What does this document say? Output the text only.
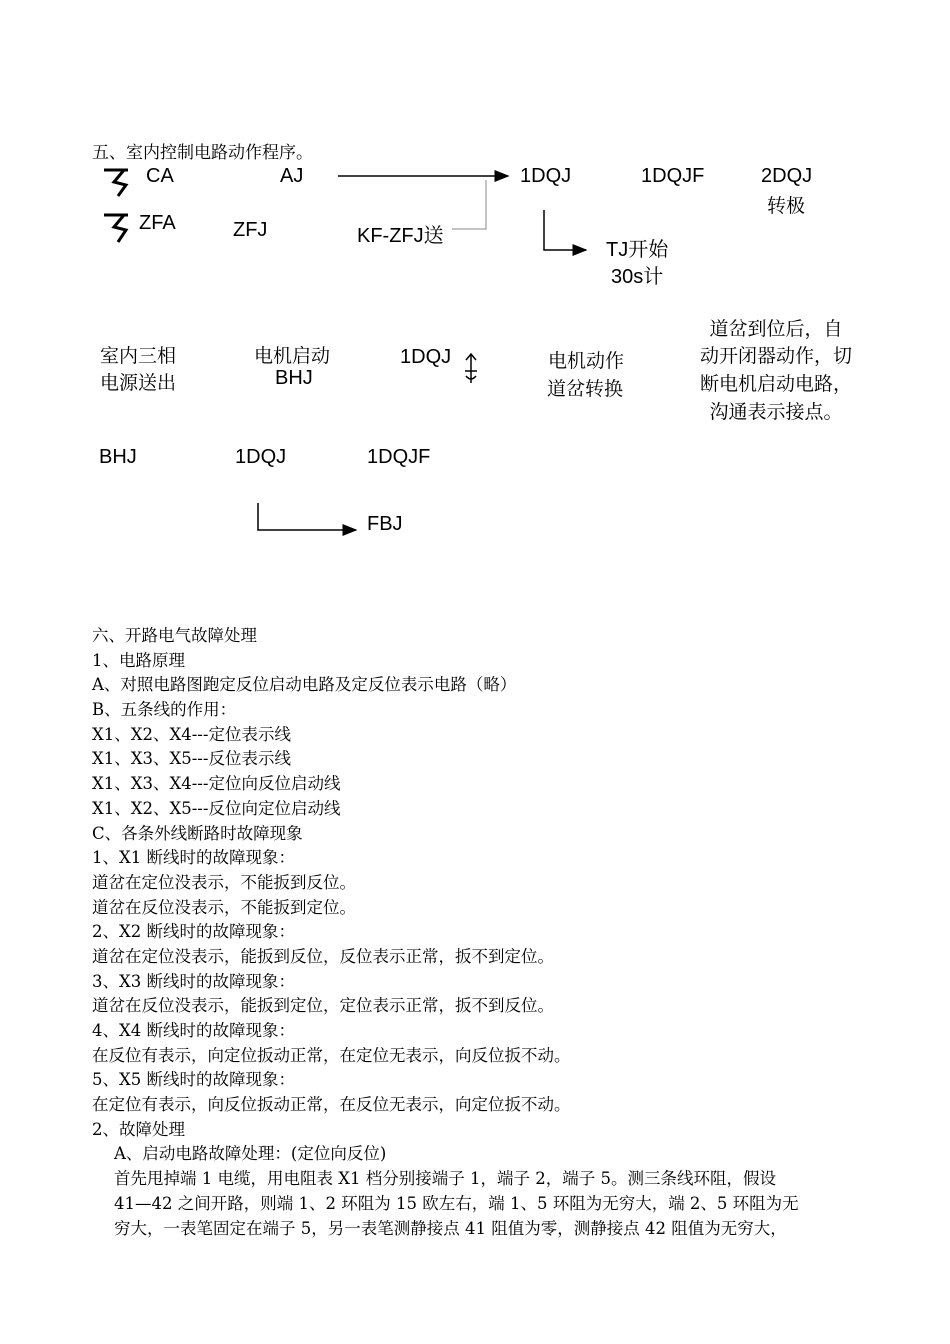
五、室内控制电路动作程序。
CA	AJ	1DQJ	1DQJF	2DQJ
转极
ZFA	ZFJ	KF-ZFJ送
TJ开始
30s计
室内三相
电源送出
电机启动
BHJ
1DQJ	电机动作
道岔转换
道岔到位后，自
动开闭器动作，切
断电机启动电路，
沟通表示接点。
BHJ	1DQJ	1DQJF
FBJ
六、开路电气故障处理
1、电路原理
A、对照电路图跑定反位启动电路及定反位表示电路（略）
B、五条线的作用：
X1、X2、X4---定位表示线
X1、X3、X5---反位表示线
X1、X3、X4---定位向反位启动线
X1、X2、X5---反位向定位启动线
C、各条外线断路时故障现象
1、X1 断线时的故障现象：
道岔在定位没表示，不能扳到反位。
道岔在反位没表示，不能扳到定位。
2、X2 断线时的故障现象：
道岔在定位没表示，能扳到反位，反位表示正常，扳不到定位。
3、X3 断线时的故障现象：
道岔在反位没表示，能扳到定位，定位表示正常，扳不到反位。
4、X4 断线时的故障现象：
在反位有表示，向定位扳动正常，在定位无表示，向反位扳不动。
5、X5 断线时的故障现象：
在定位有表示，向反位扳动正常，在反位无表示，向定位扳不动。
2、故障处理
A、启动电路故障处理：(定位向反位)
首先甩掉端 1 电缆，用电阻表 X1 档分别接端子 1，端子 2，端子 5。测三条线环阻，假设
41—42 之间开路，则端 1、2 环阻为 15 欧左右，端 1、5 环阻为无穷大，端 2、5 环阻为无
穷大，一表笔固定在端子 5，另一表笔测静接点 41 阻值为零，测静接点 42 阻值为无穷大，
